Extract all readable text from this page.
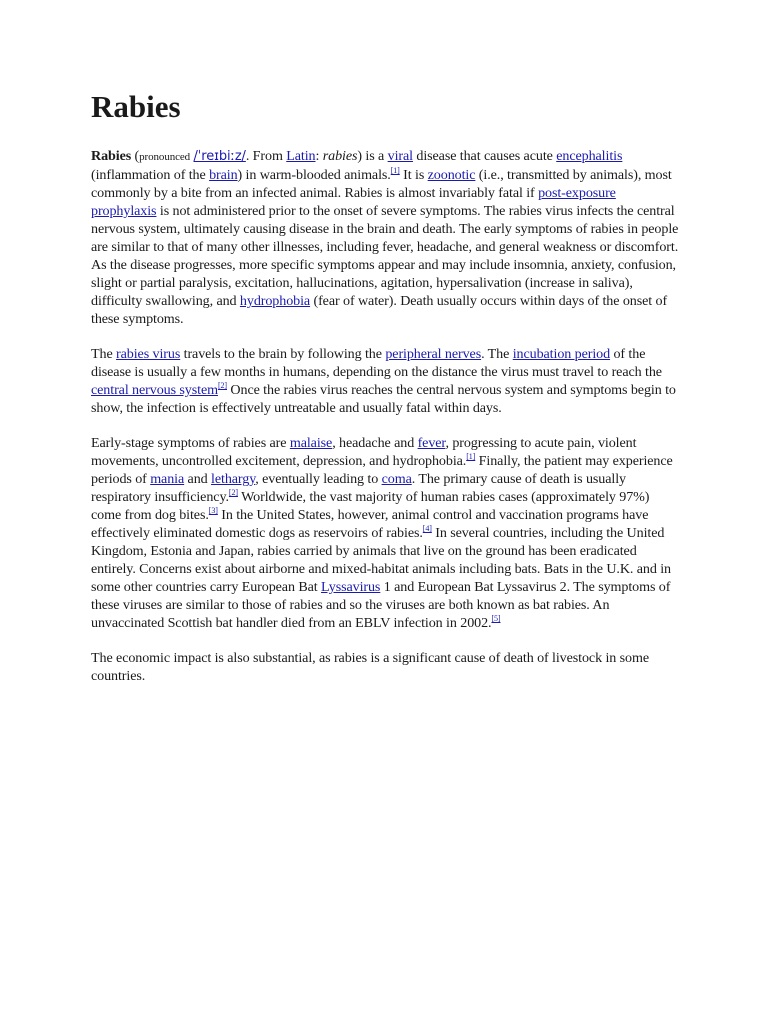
Rabies

Rabies (pronounced /ˈreɪbiːz/. From Latin: rabies) is a viral disease that causes acute encephalitis (inflammation of the brain) in warm-blooded animals.[1] It is zoonotic (i.e., transmitted by animals), most commonly by a bite from an infected animal. Rabies is almost invariably fatal if post-exposure prophylaxis is not administered prior to the onset of severe symptoms. The rabies virus infects the central nervous system, ultimately causing disease in the brain and death. The early symptoms of rabies in people are similar to that of many other illnesses, including fever, headache, and general weakness or discomfort. As the disease progresses, more specific symptoms appear and may include insomnia, anxiety, confusion, slight or partial paralysis, excitation, hallucinations, agitation, hypersalivation (increase in saliva), difficulty swallowing, and hydrophobia (fear of water). Death usually occurs within days of the onset of these symptoms.

The rabies virus travels to the brain by following the peripheral nerves. The incubation period of the disease is usually a few months in humans, depending on the distance the virus must travel to reach the central nervous system[2] Once the rabies virus reaches the central nervous system and symptoms begin to show, the infection is effectively untreatable and usually fatal within days.

Early-stage symptoms of rabies are malaise, headache and fever, progressing to acute pain, violent movements, uncontrolled excitement, depression, and hydrophobia.[1] Finally, the patient may experience periods of mania and lethargy, eventually leading to coma. The primary cause of death is usually respiratory insufficiency.[2] Worldwide, the vast majority of human rabies cases (approximately 97%) come from dog bites.[3] In the United States, however, animal control and vaccination programs have effectively eliminated domestic dogs as reservoirs of rabies.[4] In several countries, including the United Kingdom, Estonia and Japan, rabies carried by animals that live on the ground has been eradicated entirely. Concerns exist about airborne and mixed-habitat animals including bats. Bats in the U.K. and in some other countries carry European Bat Lyssavirus 1 and European Bat Lyssavirus 2. The symptoms of these viruses are similar to those of rabies and so the viruses are both known as bat rabies. An unvaccinated Scottish bat handler died from an EBLV infection in 2002.[5]

The economic impact is also substantial, as rabies is a significant cause of death of livestock in some countries.
